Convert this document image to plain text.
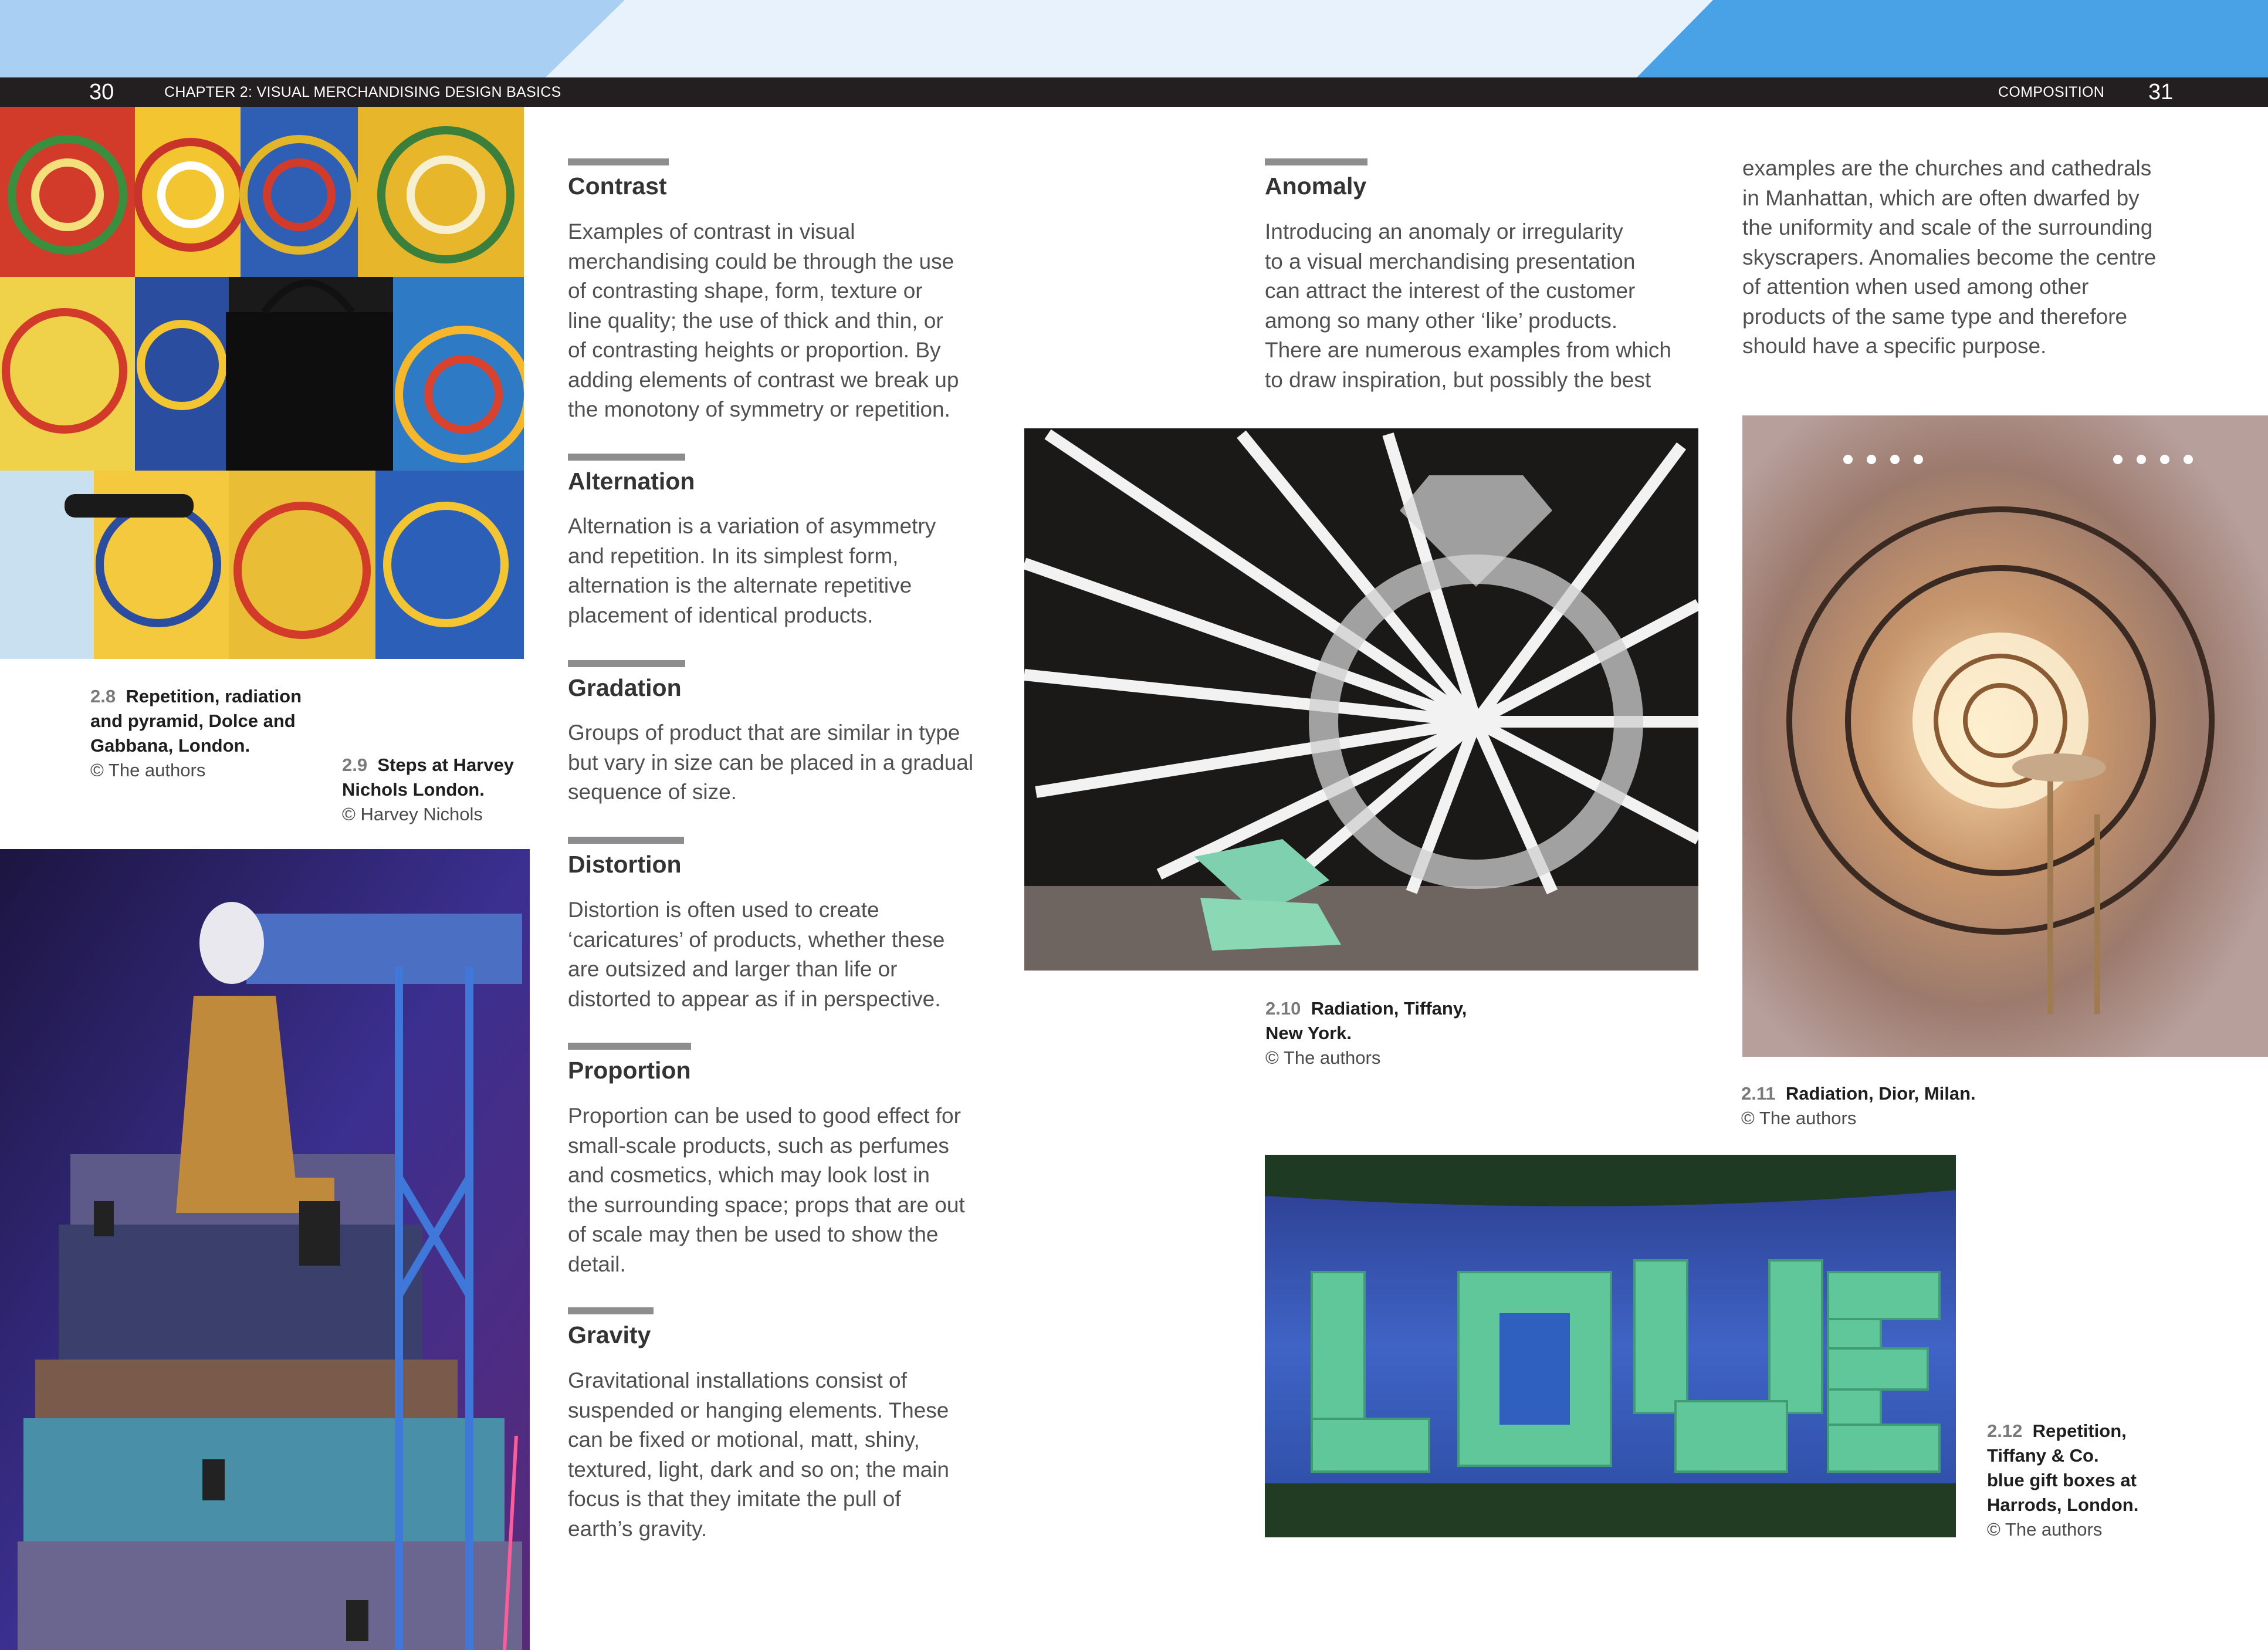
30	CHAPTER 2: VISUAL MERCHANDISING DESIGN BASICS	COMPOSITION 31
2.8 Repetition, radiation
and pyramid, Dolce and
Gabbana, London.
© The authors	2.9 Steps at Harvey
Nichols London.
© Harvey Nichols
2.10 Radiation, Tiffany,
New York.
© The authors
2.11 Radiation, Dior, Milan.
© The authors
2.12 Repetition,
Tiffany & Co.
blue gift boxes at
Harrods, London.
© The authors
Contrast
Examples of contrast in visual
merchandising could be through the use
of contrasting shape, form, texture or
line quality; the use of thick and thin, or
of contrasting heights or proportion. By
adding elements of contrast we break up
the monotony of symmetry or repetition.
Alternation
Alternation is a variation of asymmetry
and repetition. In its simplest form,
alternation is the alternate repetitive
placement of identical products.
Gradation
Groups of product that are similar in type
but vary in size can be placed in a gradual
sequence of size.
Distortion
Distortion is often used to create
‘caricatures’ of products, whether these
are outsized and larger than life or
distorted to appear as if in perspective.
Proportion
Proportion can be used to good effect for
small-scale products, such as perfumes
and cosmetics, which may look lost in
the surrounding space; props that are out
of scale may then be used to show the
detail.
Gravity
Gravitational installations consist of
suspended or hanging elements. These
can be fixed or motional, matt, shiny,
textured, light, dark and so on; the main
focus is that they imitate the pull of
earth’s gravity.
Anomaly
Introducing an anomaly or irregularity
to a visual merchandising presentation
can attract the interest of the customer
among so many other ‘like’ products.
There are numerous examples from which
to draw inspiration, but possibly the best
examples are the churches and cathedrals
in Manhattan, which are often dwarfed by
the uniformity and scale of the surrounding
skyscrapers. Anomalies become the centre
of attention when used among other
products of the same type and therefore
should have a specific purpose.
